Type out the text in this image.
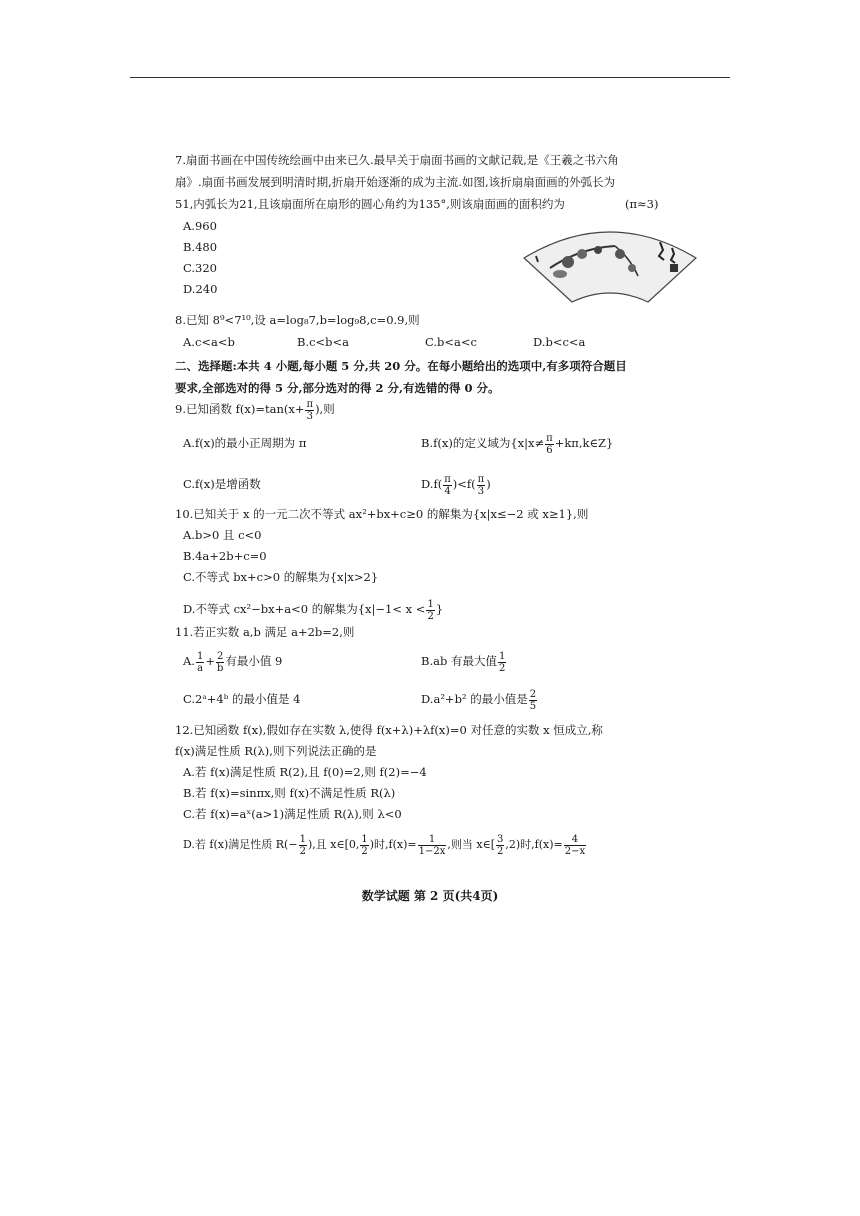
7.扇面书画在中国传统绘画中由来已久.最早关于扇面书画的文献记载,是《王羲之书六角
扇》.扇面书画发展到明清时期,折扇开始逐渐的成为主流.如图,该折扇扇面画的外弧长为
51,内弧长为21,且该扇面所在扇形的圆心角约为135°,则该扇面画的面积约为	(π≈3)
A.960
B.480
C.320
D.240
8.已知 8⁹<7¹⁰,设 a=log₈7,b=log₉8,c=0.9,则
A.c<a<b	B.c<b<a	C.b<a<c	D.b<c<a
二、选择题:本共 4 小题,每小题 5 分,共 20 分。在每小题给出的选项中,有多项符合题目
要求,全部选对的得 5 分,部分选对的得 2 分,有选错的得 0 分。
9.已知函数 $f(x)=\tan(x+ \frac{\pi}{3}$ ),则
A.f(x)的最小正周期为 π	B.f(x)的定义域为{$x|x\ne \frac{\pi}{6}$ +kπ,k∈Z}
C.f(x)是增函数	$D.f( \frac{\pi}{4} )<f( \frac{\pi}{3}$ )
10.已知关于 x 的一元二次不等式 ax²+bx+c≥0 的解集为{x|x≤−2 或 x≥1},则
A.b>0 且 c<0
B.4a+2b+c=0
C.不等式 bx+c>0 的解集为{x|x>2}
D.不等式 cx²−bx+a<0 的解集为{$x|-1< x < \frac{1}{2}$ }
11.若正实数 a,b 满足 a+2b=2,则
A. $\frac{1}{a} + \frac{2}{b}$ 有最小值 9	B.ab 有最大值 $\frac{1}{2}$
C.2ᵃ+4ᵇ 的最小值是 4	D.a²+b² 的最小值是 $\frac{2}{5}$
12.已知函数 f(x),假如存在实数 λ,使得 f(x+λ)+λf(x)=0 对任意的实数 x 恒成立,称
f(x)满足性质 R(λ),则下列说法正确的是
A.若 f(x)满足性质 R(2),且 f(0)=2,则 f(2)=−4
B.若 f(x)=sinπx,则 f(x)不满足性质 R(λ)
C.若 f(x)=aˣ(a>1)满足性质 R(λ),则 λ<0
D.若 f(x)满足性质 $R(- \frac{1}{2}$ ),且 x∈[0, $\frac{1}{2}$ )时$,f(x)= \frac{1}{1-2x}$ ,则当 x∈[ $\frac{3}{2} ,2$)时$,f(x)= \frac{4}{2-x}$
数学试题 第 2 页(共4页)
